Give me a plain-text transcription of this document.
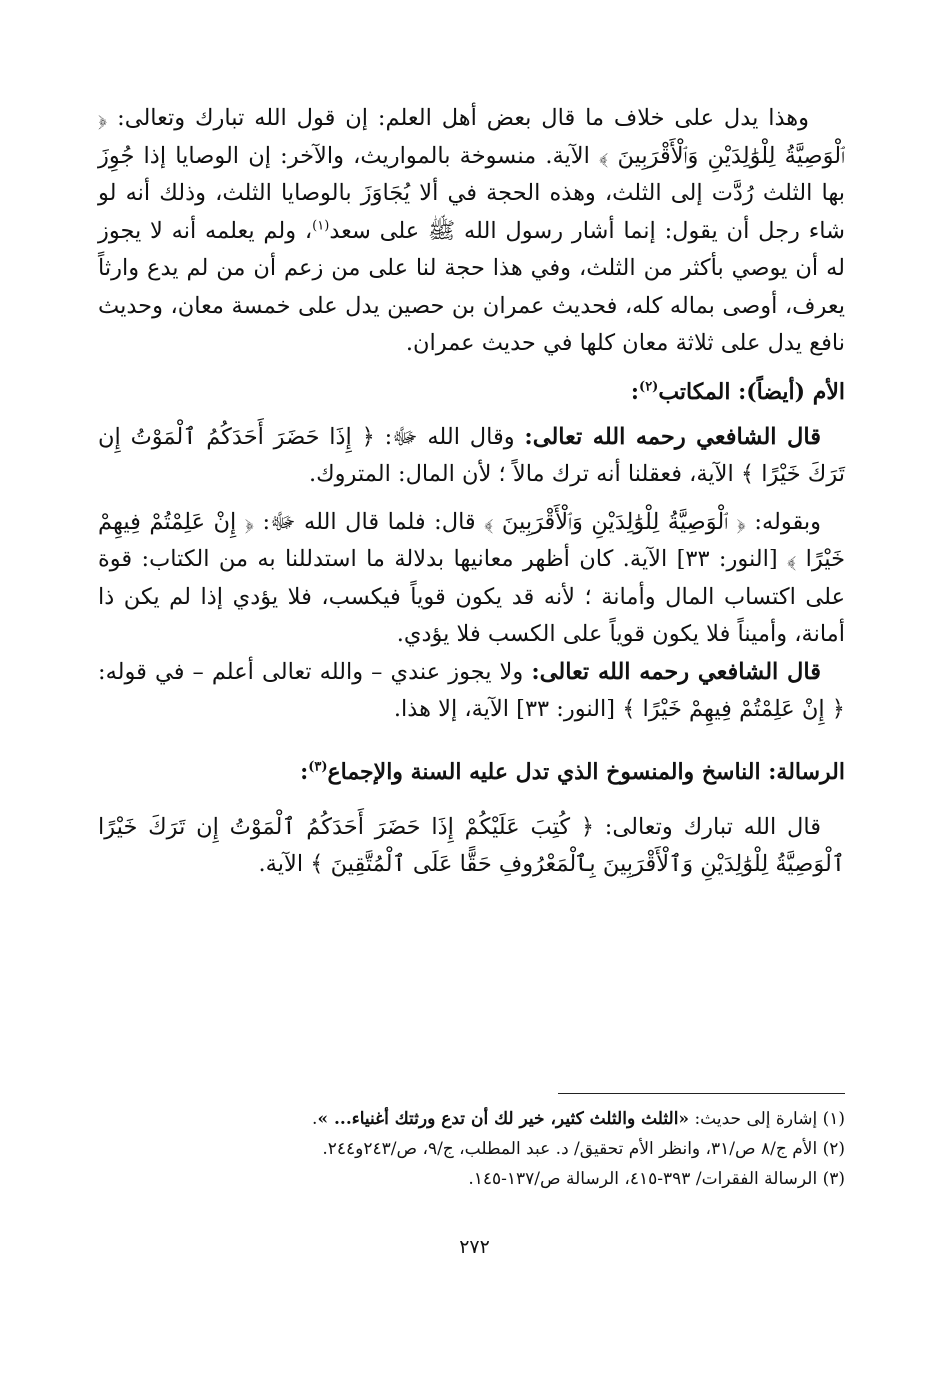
وهذا يدل على خلاف ما قال بعض أهل العلم: إن قول الله تبارك وتعالى: ﴿ ٱلْوَصِيَّةُ لِلْوَٰلِدَيْنِ وَٱلْأَقْرَبِينَ ﴾ الآية. منسوخة بالمواريث، والآخر: إن الوصايا إذا جُوِزَ بها الثلث رُدَّت إلى الثلث، وهذه الحجة في ألا يُجَاوَزَ بالوصايا الثلث، وذلك أنه لو شاء رجل أن يقول: إنما أشار رسول الله ﷺ على سعد$^{(١)}$، ولم يعلمه أنه لا يجوز له أن يوصي بأكثر من الثلث، وفي هذا حجة لنا على من زعم أن من لم يدع وارثاً يعرف، أوصى بماله كله، فحديث عمران بن حصين يدل على خمسة معان، وحديث نافع يدل على ثلاثة معان كلها في حديث عمران.

الأم (أيضاً): المكاتب$^{(٢)}$:

قال الشافعي رحمه الله تعالى: وقال الله ﷻ: ﴿ إِذَا حَضَرَ أَحَدَكُمُ ٱلْمَوْتُ إِن تَرَكَ خَيْرًا ﴾ الآية، فعقلنا أنه ترك مالاً ؛ لأن المال: المتروك.

وبقوله: ﴿ ٱلْوَصِيَّةُ لِلْوَٰلِدَيْنِ وَٱلْأَقْرَبِينَ ﴾ قال: فلما قال الله ﷻ: ﴿ إِنْ عَلِمْتُمْ فِيهِمْ خَيْرًا ﴾ [النور: ٣٣] الآية. كان أظهر معانيها بدلالة ما استدللنا به من الكتاب: قوة على اكتساب المال وأمانة ؛ لأنه قد يكون قوياً فيكسب، فلا يؤدي إذا لم يكن ذا أمانة، وأميناً فلا يكون قوياً على الكسب فلا يؤدي.

قال الشافعي رحمه الله تعالى: ولا يجوز عندي – والله تعالى أعلم – في قوله: ﴿ إِنْ عَلِمْتُمْ فِيهِمْ خَيْرًا ﴾ [النور: ٣٣] الآية، إلا هذا.

الرسالة: الناسخ والمنسوخ الذي تدل عليه السنة والإجماع$^{(٣)}$:

قال الله تبارك وتعالى: ﴿ كُتِبَ عَلَيْكُمْ إِذَا حَضَرَ أَحَدَكُمُ ٱلْمَوْتُ إِن تَرَكَ خَيْرًا ٱلْوَصِيَّةُ لِلْوَٰلِدَيْنِ وَٱلْأَقْرَبِينَ بِٱلْمَعْرُوفِ حَقًّا عَلَى ٱلْمُتَّقِينَ ﴾ الآية.

(١) إشارة إلى حديث: «الثلث والثلث كثير، خير لك أن تدع ورثتك أغنياء... ».

(٢) الأم ج/٨ ص/٣١، وانظر الأم تحقيق/ د. عبد المطلب، ج/٩، ص/٢٤٣و٢٤٤.

(٣) الرسالة الفقرات/ ٣٩٣-٤١٥، الرسالة ص/١٣٧-١٤٥.

٢٧٢
